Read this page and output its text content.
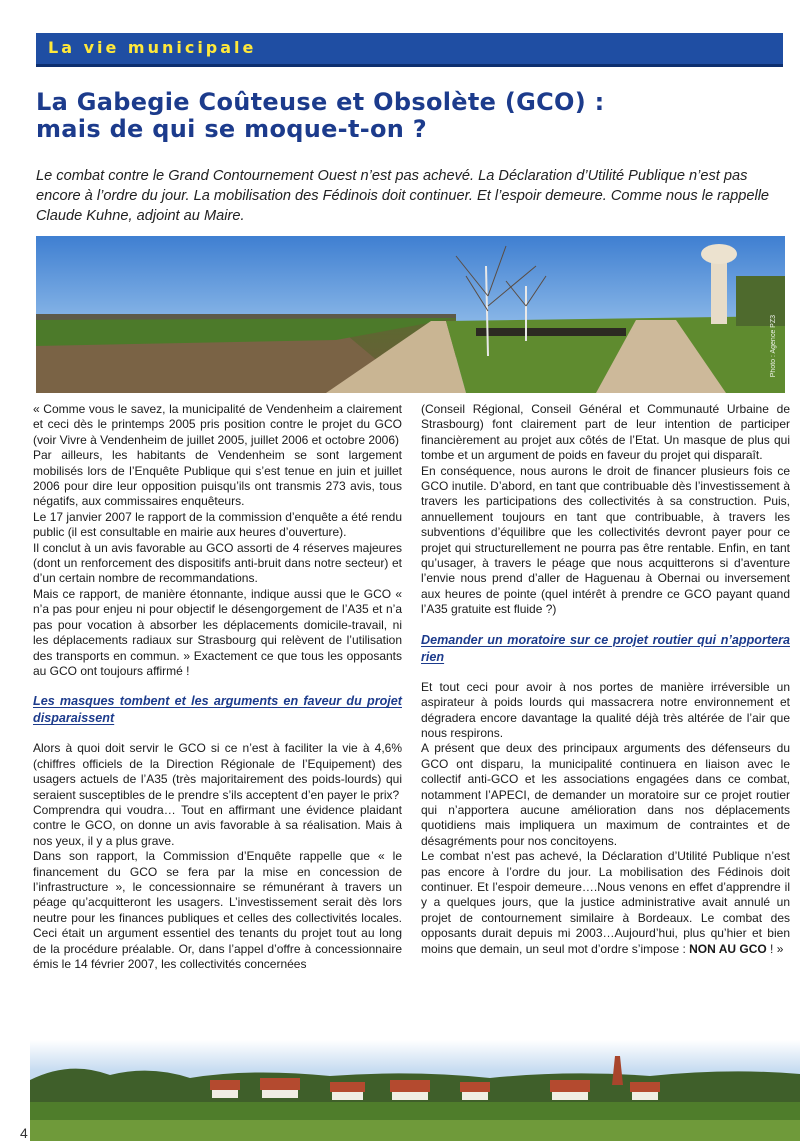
La vie municipale
La Gabegie Coûteuse et Obsolète (GCO) :
mais de qui se moque-t-on ?
Le combat contre le Grand Contournement Ouest n’est pas achevé. La Déclaration d’Utilité Publique n’est pas encore à l’ordre du jour. La mobilisation des Fédinois doit continuer. Et l’espoir demeure. Comme nous le rappelle Claude Kuhne, adjoint au Maire.
Photo : Agence PZ3

« Comme vous le savez, la municipalité de Vendenheim a clairement et ceci dès le printemps 2005 pris position contre le projet du GCO (voir Vivre à Vendenheim de juillet 2005, juillet 2006 et octobre 2006)

Par ailleurs, les habitants de Vendenheim se sont largement mobilisés lors de l’Enquête Publique qui s’est tenue en juin et juillet 2006 pour dire leur opposition puisqu’ils ont transmis 273 avis, tous négatifs, aux commissaires enquêteurs.

Le 17 janvier 2007 le rapport de la commission d’enquête a été rendu public (il est consultable en mairie aux heures d’ouverture).

Il conclut à un avis favorable au GCO assorti de 4 réserves majeures (dont un renforcement des dispositifs anti-bruit dans notre secteur) et d’un certain nombre de recommandations.

Mais ce rapport, de manière étonnante, indique aussi que le GCO « n’a pas pour enjeu ni pour objectif le désengorgement de l’A35 et n’a pas pour vocation à absorber les déplacements domicile-travail, ni les déplacements radiaux sur Strasbourg qui relèvent de l’utilisation des transports en commun. » Exactement ce que tous les opposants au GCO ont toujours affirmé !

Les masques tombent et les arguments en faveur du projet disparaissent

Alors à quoi doit servir le GCO si ce n’est à faciliter la vie à 4,6% (chiffres officiels de la Direction Régionale de l’Equipement) des usagers actuels de l’A35 (très majoritairement des poids-lourds) qui seraient susceptibles de le prendre s’ils acceptent d’en payer le prix?

Comprendra qui voudra… Tout en affirmant une évidence plaidant contre le GCO, on donne un avis favorable à sa réalisation. Mais à nos yeux, il y a plus grave.

Dans son rapport, la Commission d’Enquête rappelle que « le financement du GCO se fera par la mise en concession de l’infrastructure », le concessionnaire se rémunérant à travers un péage qu’acquitteront les usagers. L’investissement serait dès lors neutre pour les finances publiques et celles des collectivités locales. Ceci était un argument essentiel des tenants du projet tout au long de la procédure préalable. Or, dans l’appel d’offre à concessionnaire émis le 14 février 2007, les collectivités concernées

(Conseil Régional, Conseil Général et Communauté Urbaine de Strasbourg) font clairement part de leur intention de participer financièrement au projet aux côtés de l’Etat. Un masque de plus qui tombe et un argument de poids en faveur du projet qui disparaît.

En conséquence, nous aurons le droit de financer plusieurs fois ce GCO inutile. D’abord, en tant que contribuable dès l’investissement à travers les participations des collectivités à sa construction. Puis, annuellement toujours en tant que contribuable, à travers les subventions d’équilibre que les collectivités devront payer pour ce projet qui structurellement ne pourra pas être rentable. Enfin, en tant qu’usager, à travers le péage que nous acquitterons si d’aventure l’envie nous prend d’aller de Haguenau à Obernai ou inversement aux heures de pointe (quel intérêt à prendre ce GCO payant quand l’A35 gratuite est fluide ?)

Demander un moratoire sur ce projet routier qui n’apportera rien

Et tout ceci pour avoir à nos portes de manière irréversible un aspirateur à poids lourds qui massacrera notre environnement et dégradera encore davantage la qualité déjà très altérée de l’air que nous respirons.

A présent que deux des principaux arguments des défenseurs du GCO ont disparu, la municipalité continuera en liaison avec le collectif anti-GCO et les associations engagées dans ce combat, notamment l’APECI, de demander un moratoire sur ce projet routier qui n’apportera aucune amélioration dans nos déplacements quotidiens mais impliquera un maximum de contraintes et de désagréments pour nos concitoyens.

Le combat n’est pas achevé, la Déclaration d’Utilité Publique n’est pas encore à l’ordre du jour. La mobilisation des Fédinois doit continuer. Et l’espoir demeure….Nous venons en effet d’apprendre il y a quelques jours, que la justice administrative avait annulé un projet de contournement similaire à Bordeaux. Le combat des opposants durait depuis mi 2003…Aujourd’hui, plus qu’hier et bien moins que demain, un seul mot d’ordre s’impose : NON AU GCO ! »

4
